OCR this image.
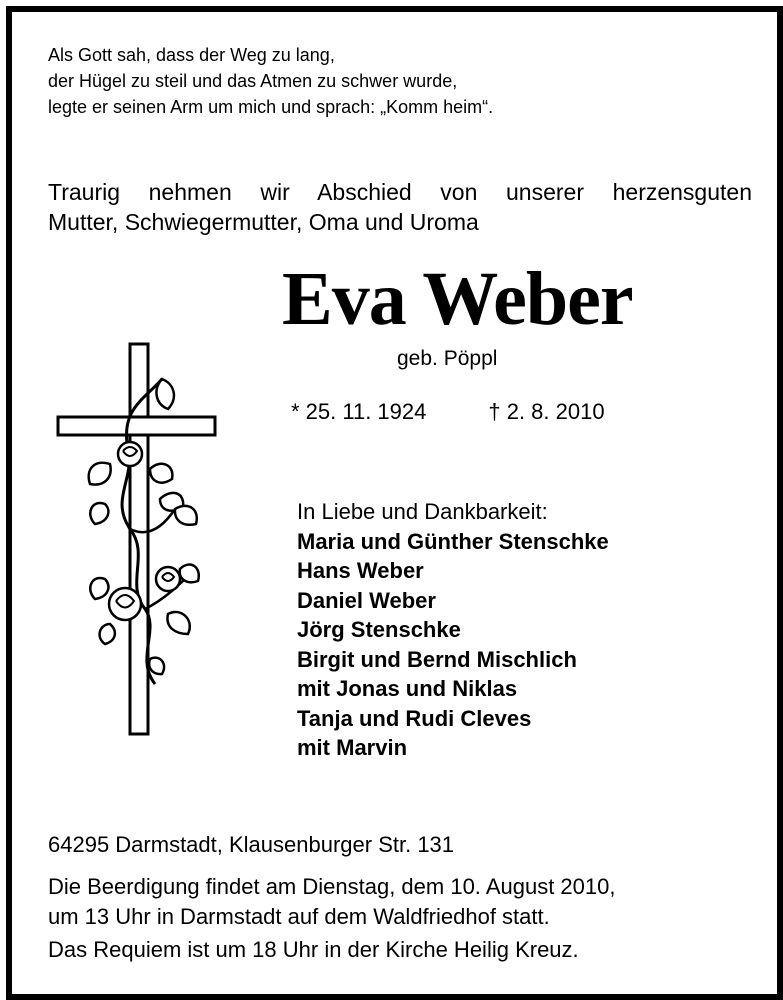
Als Gott sah, dass der Weg zu lang,
der Hügel zu steil und das Atmen zu schwer wurde,
legte er seinen Arm um mich und sprach: „Komm heim“.
Traurig nehmen wir Abschied von unserer herzensguten
Mutter, Schwiegermutter, Oma und Uroma
Eva Weber
geb. Pöppl
* 25. 11. 1924	† 2. 8. 2010
In Liebe und Dankbarkeit:
Maria und Günther Stenschke
Hans Weber
Daniel Weber
Jörg Stenschke
Birgit und Bernd Mischlich
mit Jonas und Niklas
Tanja und Rudi Cleves
mit Marvin
64295 Darmstadt, Klausenburger Str. 131
Die Beerdigung findet am Dienstag, dem 10. August 2010,
um 13 Uhr in Darmstadt auf dem Waldfriedhof statt.
Das Requiem ist um 18 Uhr in der Kirche Heilig Kreuz.
